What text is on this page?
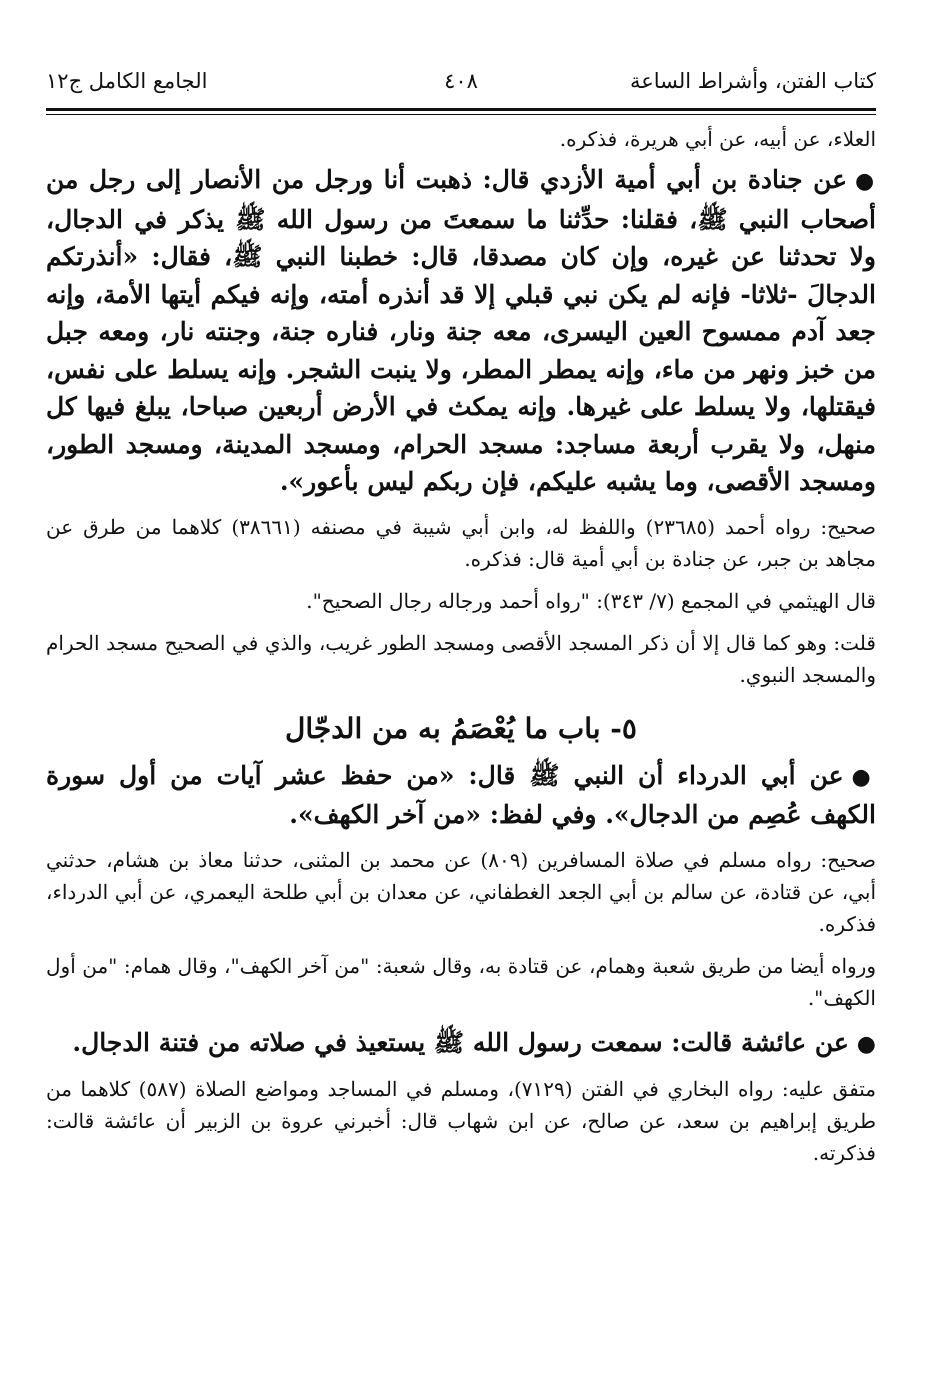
كتاب الفتن، وأشراط الساعة
٤٠٨
الجامع الكامل ج١٢

العلاء، عن أبيه، عن أبي هريرة، فذكره.

●عن جنادة بن أبي أمية الأزدي قال: ذهبت أنا ورجل من الأنصار إلى رجل من أصحاب النبي ﷺ، فقلنا: حدِّثنا ما سمعتَ من رسول الله ﷺ يذكر في الدجال، ولا تحدثنا عن غيره، وإن كان مصدقا، قال: خطبنا النبي ﷺ، فقال: «أنذرتكم الدجالَ -ثلاثا- فإنه لم يكن نبي قبلي إلا قد أنذره أمته، وإنه فيكم أيتها الأمة، وإنه جعد آدم ممسوح العين اليسرى، معه جنة ونار، فناره جنة، وجنته نار، ومعه جبل من خبز ونهر من ماء، وإنه يمطر المطر، ولا ينبت الشجر. وإنه يسلط على نفس، فيقتلها، ولا يسلط على غيرها. وإنه يمكث في الأرض أربعين صباحا، يبلغ فيها كل منهل، ولا يقرب أربعة مساجد: مسجد الحرام، ومسجد المدينة، ومسجد الطور، ومسجد الأقصى، وما يشبه عليكم، فإن ربكم ليس بأعور».

صحيح: رواه أحمد (٢٣٦٨٥) واللفظ له، وابن أبي شيبة في مصنفه (٣٨٦٦١) كلاهما من طرق عن مجاهد بن جبر، عن جنادة بن أبي أمية قال: فذكره.

قال الهيثمي في المجمع (٧/ ٣٤٣): "رواه أحمد ورجاله رجال الصحيح".

قلت: وهو كما قال إلا أن ذكر المسجد الأقصى ومسجد الطور غريب، والذي في الصحيح مسجد الحرام والمسجد النبوي.

٥- باب ما يُعْصَمُ به من الدجّال

●عن أبي الدرداء أن النبي ﷺ قال: «من حفظ عشر آيات من أول سورة الكهف عُصِم من الدجال». وفي لفظ: «من آخر الكهف».

صحيح: رواه مسلم في صلاة المسافرين (٨٠٩) عن محمد بن المثنى، حدثنا معاذ بن هشام، حدثني أبي، عن قتادة، عن سالم بن أبي الجعد الغطفاني، عن معدان بن أبي طلحة اليعمري، عن أبي الدرداء، فذكره.

ورواه أيضا من طريق شعبة وهمام، عن قتادة به، وقال شعبة: "من آخر الكهف"، وقال همام: "من أول الكهف".

●عن عائشة قالت: سمعت رسول الله ﷺ يستعيذ في صلاته من فتنة الدجال.

متفق عليه: رواه البخاري في الفتن (٧١٢٩)، ومسلم في المساجد ومواضع الصلاة (٥٨٧) كلاهما من طريق إبراهيم بن سعد، عن صالح، عن ابن شهاب قال: أخبرني عروة بن الزبير أن عائشة قالت: فذكرته.
